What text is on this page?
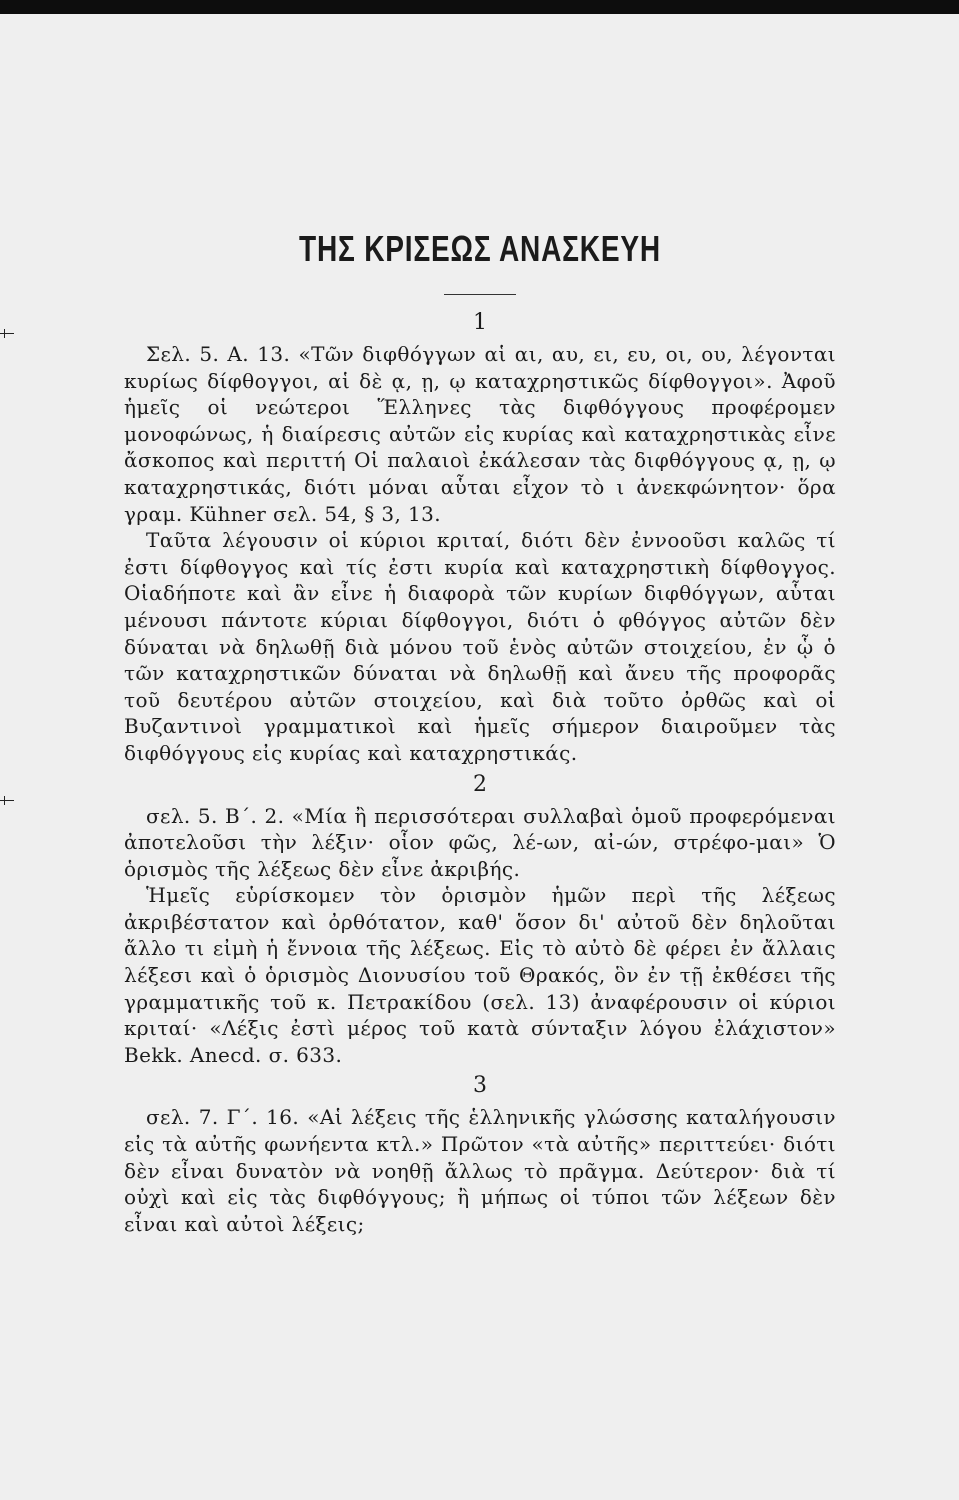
ΤΗΣ ΚΡΙΣΕΩΣ ΑΝΑΣΚΕΥΗ

1

Σελ. 5. Α. 13. «Τῶν διφθόγγων αἱ αι, αυ, ει, ευ, οι, ου, λέγονται κυρίως δίφθογγοι, αἱ δὲ ᾳ, ῃ, ῳ καταχρηστικῶς δίφθογγοι». Ἀφοῦ ἡμεῖς οἱ νεώτεροι Ἕλληνες τὰς διφθόγγους προφέρομεν μονοφώνως, ἡ διαίρεσις αὐτῶν εἰς κυρίας καὶ καταχρηστικὰς εἶνε ἄσκοπος καὶ περιττή Οἱ παλαιοὶ ἐκάλεσαν τὰς διφθόγγους ᾳ, ῃ, ῳ καταχρηστικάς, διότι μόναι αὗται εἶχον τὸ ι ἀνεκφώνητον· ὅρα γραμ. Kühner σελ. 54, § 3, 13.

Ταῦτα λέγουσιν οἱ κύριοι κριταί, διότι δὲν ἐννοοῦσι καλῶς τί ἐστι δίφθογγος καὶ τίς ἐστι κυρία καὶ καταχρηστικὴ δίφθογγος. Οἱαδήποτε καὶ ἂν εἶνε ἡ διαφορὰ τῶν κυρίων διφθόγγων, αὗται μένουσι πάντοτε κύριαι δίφθογγοι, διότι ὁ φθόγγος αὐτῶν δὲν δύναται νὰ δηλωθῇ διὰ μόνου τοῦ ἑνὸς αὐτῶν στοιχείου, ἐν ᾧ ὁ τῶν καταχρηστικῶν δύναται νὰ δηλωθῇ καὶ ἄνευ τῆς προφορᾶς τοῦ δευτέρου αὐτῶν στοιχείου, καὶ διὰ τοῦτο ὀρθῶς καὶ οἱ Βυζαντινοὶ γραμματικοὶ καὶ ἡμεῖς σήμερον διαιροῦμεν τὰς διφθόγγους εἰς κυρίας καὶ καταχρηστικάς.

2

σελ. 5. Β΄. 2. «Μία ἢ περισσότεραι συλλαβαὶ ὁμοῦ προφερόμεναι ἀποτελοῦσι τὴν λέξιν· οἷον φῶς, λέ-ων, αἰ-ών, στρέφο-μαι» Ὁ ὁρισμὸς τῆς λέξεως δὲν εἶνε ἀκριβής.

Ἡμεῖς εὑρίσκομεν τὸν ὁρισμὸν ἡμῶν περὶ τῆς λέξεως ἀκριβέστατον καὶ ὀρθότατον, καθ' ὅσον δι' αὐτοῦ δὲν δηλοῦται ἄλλο τι εἰμὴ ἡ ἔννοια τῆς λέξεως. Εἰς τὸ αὐτὸ δὲ φέρει ἐν ἄλλαις λέξεσι καὶ ὁ ὁρισμὸς Διονυσίου τοῦ Θρακός, ὃν ἐν τῇ ἐκθέσει τῆς γραμματικῆς τοῦ κ. Πετρακίδου (σελ. 13) ἀναφέρουσιν οἱ κύριοι κριταί· «Λέξις ἐστὶ μέρος τοῦ κατὰ σύνταξιν λόγου ἐλάχιστον» Bekk. Anecd. σ. 633.

3

σελ. 7. Γ΄. 16. «Αἱ λέξεις τῆς ἑλληνικῆς γλώσσης καταλήγουσιν εἰς τὰ αὐτῆς φωνήεντα κτλ.» Πρῶτον «τὰ αὐτῆς» περιττεύει· διότι δὲν εἶναι δυνατὸν νὰ νοηθῇ ἄλλως τὸ πρᾶγμα. Δεύτερον· διὰ τί οὐχὶ καὶ εἰς τὰς διφθόγγους; ἢ μήπως οἱ τύποι τῶν λέξεων δὲν εἶναι καὶ αὐτοὶ λέξεις;
